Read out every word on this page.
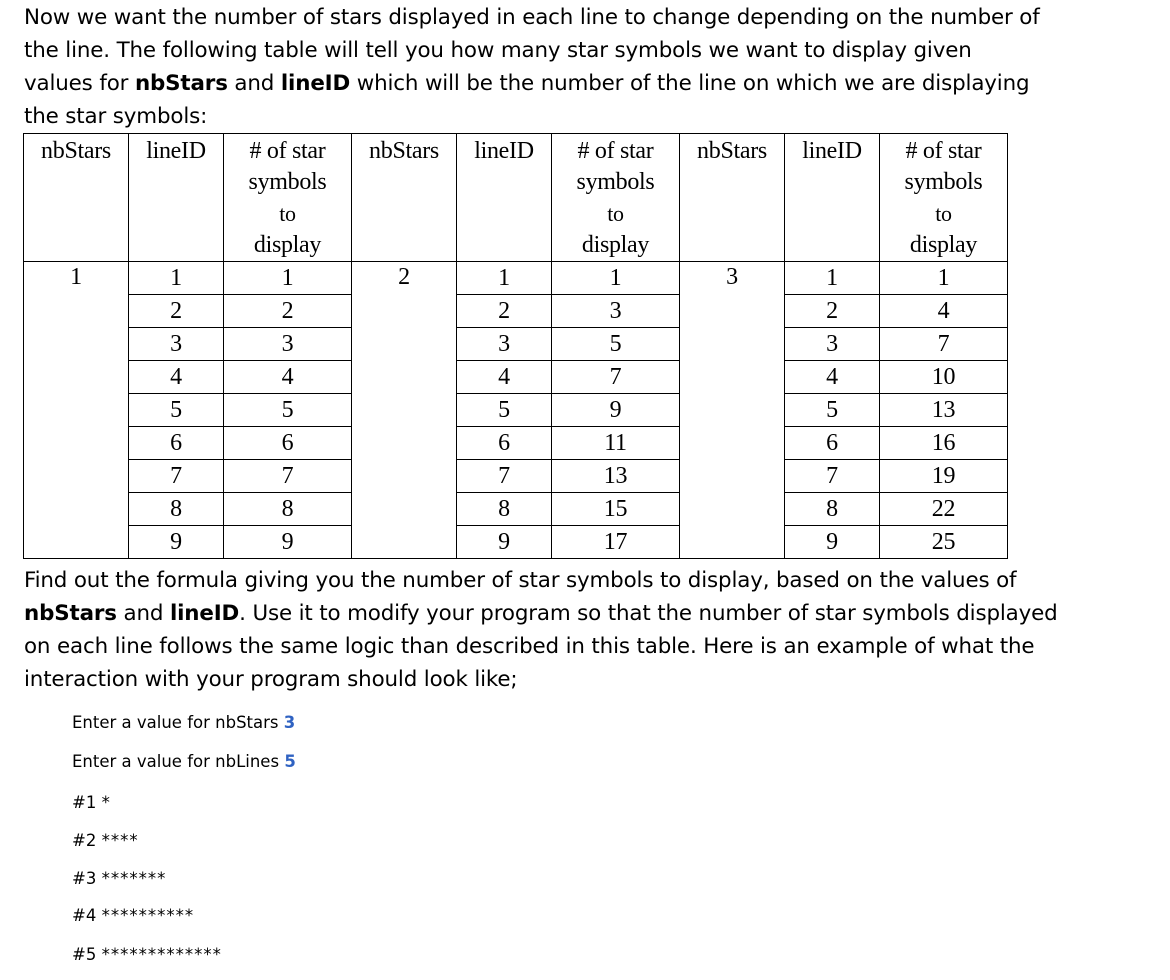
Now we want the number of stars displayed in each line to change depending on the number of
the line. The following table will tell you how many star symbols we want to display given
values for nbStars and lineID which will be the number of the line on which we are displaying
the star symbols:
nbStars	lineID	# of star
symbols
to
display	nbStars	lineID	# of star
symbols
to
display	nbStars	lineID	# of star
symbols
to
display
1	1	1	2	1	1	3	1	1
	2	2		2	3		2	4
	3	3		3	5		3	7
	4	4		4	7		4	10
	5	5		5	9		5	13
	6	6		6	11		6	16
	7	7		7	13		7	19
	8	8		8	15		8	22
	9	9		9	17		9	25
Find out the formula giving you the number of star symbols to display, based on the values of
nbStars and lineID. Use it to modify your program so that the number of star symbols displayed
on each line follows the same logic than described in this table. Here is an example of what the
interaction with your program should look like;
Enter a value for nbStars 3
Enter a value for nbLines 5
#1 *
#2 ****
#3 *******
#4 **********
#5 *************
